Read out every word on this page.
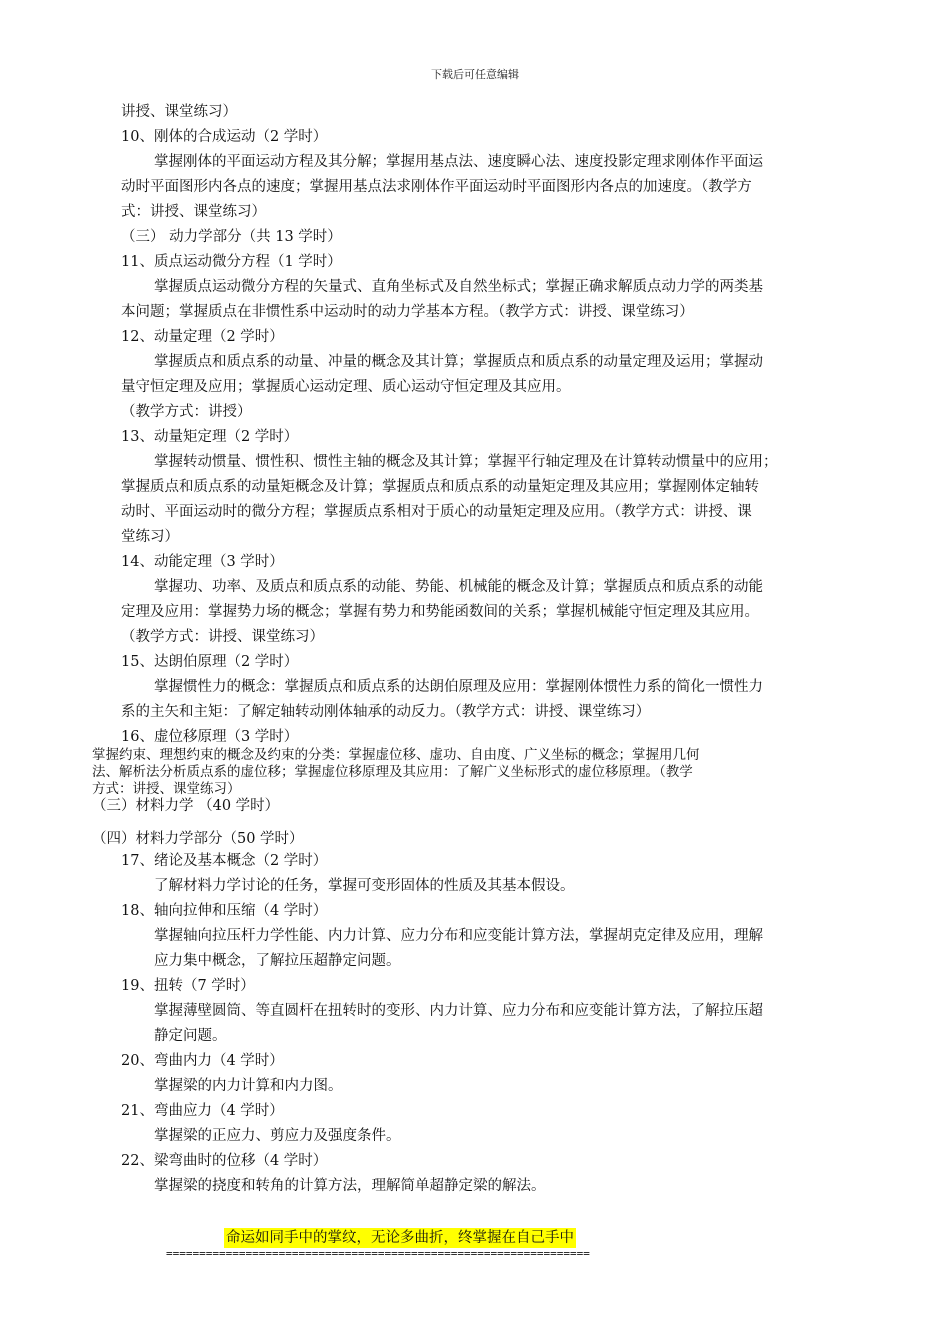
下载后可任意编辑
讲授、课堂练习）
10、刚体的合成运动（2 学时）
掌握刚体的平面运动方程及其分解；掌握用基点法、速度瞬心法、速度投影定理求刚体作平面运
动时平面图形内各点的速度；掌握用基点法求刚体作平面运动时平面图形内各点的加速度。（教学方
式：讲授、课堂练习）
（三） 动力学部分（共 13 学时）
11、质点运动微分方程（1 学时）
掌握质点运动微分方程的矢量式、直角坐标式及自然坐标式；掌握正确求解质点动力学的两类基
本问题；掌握质点在非惯性系中运动时的动力学基本方程。（教学方式：讲授、课堂练习）
12、动量定理（2 学时）
掌握质点和质点系的动量、冲量的概念及其计算；掌握质点和质点系的动量定理及运用；掌握动
量守恒定理及应用；掌握质心运动定理、质心运动守恒定理及其应用。
（教学方式：讲授）
13、动量矩定理（2 学时）
掌握转动惯量、惯性积、惯性主轴的概念及其计算；掌握平行轴定理及在计算转动惯量中的应用；
掌握质点和质点系的动量矩概念及计算；掌握质点和质点系的动量矩定理及其应用；掌握刚体定轴转
动时、平面运动时的微分方程；掌握质点系相对于质心的动量矩定理及应用。（教学方式：讲授、课
堂练习）
14、动能定理（3 学时）
掌握功、功率、及质点和质点系的动能、势能、机械能的概念及计算；掌握质点和质点系的动能
定理及应用：掌握势力场的概念；掌握有势力和势能函数间的关系；掌握机械能守恒定理及其应用。
（教学方式：讲授、课堂练习）
15、达朗伯原理（2 学时）
掌握惯性力的概念：掌握质点和质点系的达朗伯原理及应用：掌握刚体惯性力系的简化一惯性力
系的主矢和主矩：了解定轴转动刚体轴承的动反力。（教学方式：讲授、课堂练习）
16、虚位移原理（3 学时）
掌握约束、理想约束的概念及约束的分类：掌握虚位移、虚功、自由度、广义坐标的概念；掌握用几何
法、解析法分析质点系的虚位移；掌握虚位移原理及其应用：了解广义坐标形式的虚位移原理。（教学
方式：讲授、课堂练习）
（三）材料力学 （40 学时）
（四）材料力学部分（50 学时）
17、绪论及基本概念（2 学时）
了解材料力学讨论的任务，掌握可变形固体的性质及其基本假设。
18、轴向拉伸和压缩（4 学时）
掌握轴向拉压杆力学性能、内力计算、应力分布和应变能计算方法，掌握胡克定律及应用，理解
应力集中概念，了解拉压超静定问题。
19、扭转（7 学时）
掌握薄壁圆筒、等直圆杆在扭转时的变形、内力计算、应力分布和应变能计算方法，了解拉压超
静定问题。
20、弯曲内力（4 学时）
掌握梁的内力计算和内力图。
21、弯曲应力（4 学时）
掌握梁的正应力、剪应力及强度条件。
22、梁弯曲时的位移（4 学时）
掌握梁的挠度和转角的计算方法，理解简单超静定梁的解法。
命运如同手中的掌纹，无论多曲折，终掌握在自己手中
================================================================
